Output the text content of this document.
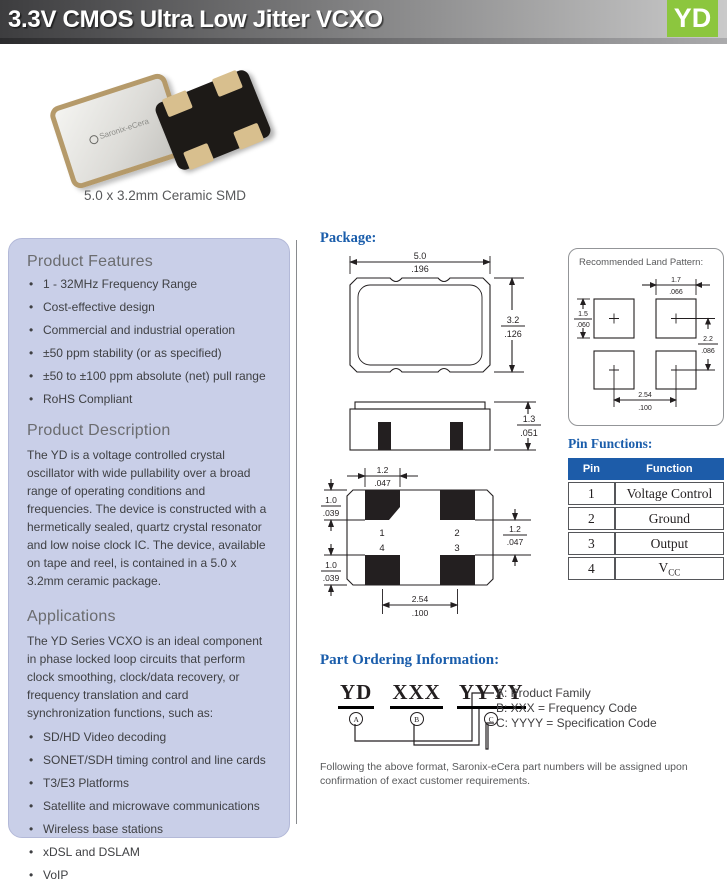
3.3V CMOS Ultra Low Jitter VCXO	YD
Saronix-eCera
5.0 x 3.2mm Ceramic SMD
Product Features
• 1 - 32MHz Frequency Range
• Cost-effective design
• Commercial and industrial operation
• ±50 ppm stability (or as specified)
• ±50 to ±100 ppm absolute (net) pull range
• RoHS Compliant
Product Description

The YD is a voltage controlled crystal oscillator with wide pullability over a broad range of operating conditions and frequencies. The device is constructed with a hermetically sealed, quartz crystal resonator and low noise clock IC. The device, available on tape and reel, is contained in a 5.0 x 3.2mm ceramic package.

Applications

The YD Series VCXO is an ideal component in phase locked loop circuits that perform clock smoothing, clock/data recovery, or frequency translation and card synchronization functions, such as:

• SD/HD Video decoding
• SONET/SDH timing control and line cards
• T3/E3 Platforms
• Satellite and microwave communications
• Wireless base stations
• xDSL and DSLAM
• VoIP
Package:
5.0
.196
3.2
.126
1.3
.051
1	2
4	3
1.2
.047
1.0
.039
1.0
.039
1.2
.047
2.54
.100
Recommended Land Pattern:
1.7
.066
1.5
.060
2.2
.086
2.54
.100
Pin Functions:
Pin	Function
1	Voltage Control
2	Ground
3	Output
4	$V_{CC}$
Part Ordering Information:
YD
A
XXX
B
YYYY
C
A: Product Family
B: XXX = Frequency Code
C: YYYY = Specification Code
Following the above format, Saronix-eCera part numbers will be assigned upon confirmation of exact customer requirements.
